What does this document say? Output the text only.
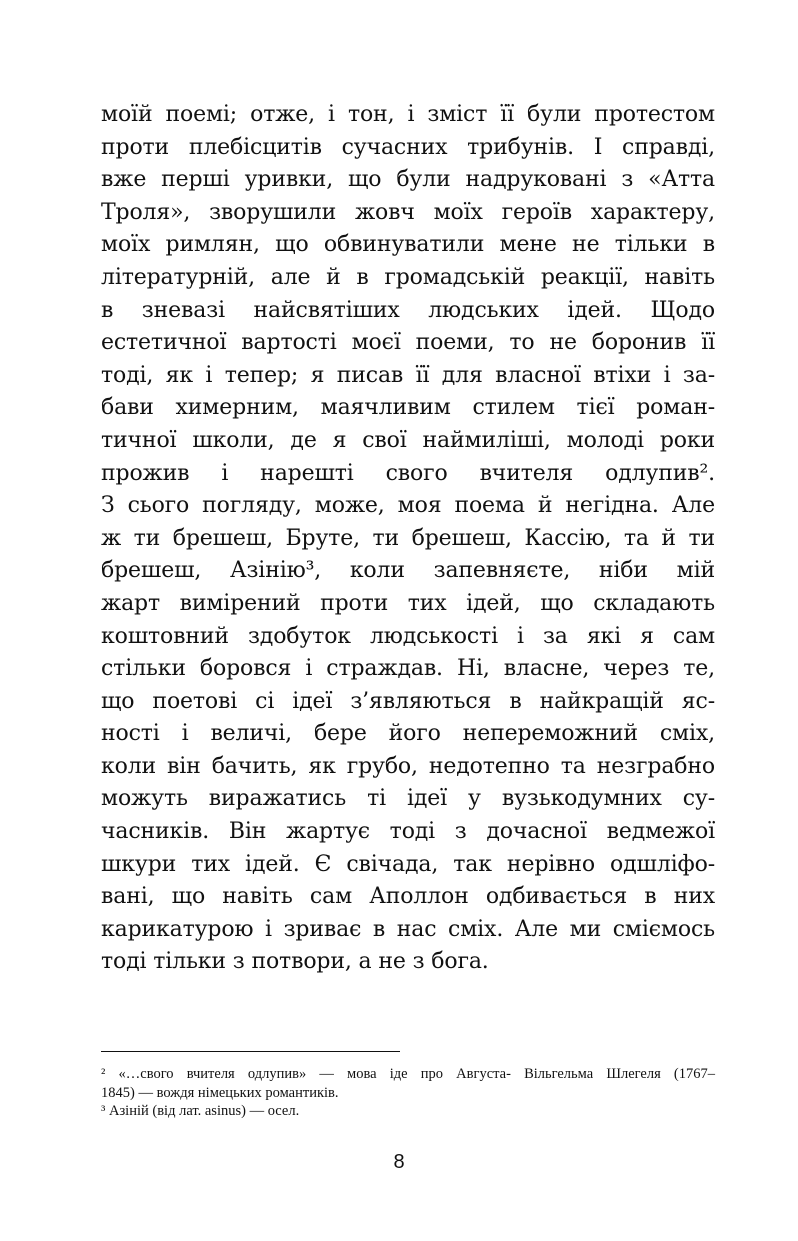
моїй поемі; отже, і тон, і зміст її були протестом
проти плебісцитів сучасних трибунів. І справді,
вже перші уривки, що були надруковані з «Атта
Троля», зворушили жовч моїх героїв характеру,
моїх римлян, що обвинуватили мене не тільки в
літературній, але й в громадській реакції, навіть
в зневазі найсвятіших людських ідей. Щодо
естетичної вартості моєї поеми, то не боронив її
тоді, як і тепер; я писав її для власної втіхи і за-
бави химерним, маячливим стилем тієї роман-
тичної школи, де я свої наймиліші, молоді роки
прожив і нарешті свого вчителя одлупив².
З сього погляду, може, моя поема й негідна. Але
ж ти брешеш, Бруте, ти брешеш, Кассію, та й ти
брешеш, Азінію³, коли запевняєте, ніби мій
жарт вимірений проти тих ідей, що складають
коштовний здобуток людськості і за які я сам
стільки боровся і страждав. Ні, власне, через те,
що поетові сі ідеї з’являються в найкращій яс-
ності і величі, бере його непереможний сміх,
коли він бачить, як грубо, недотепно та незграбно
можуть виражатись ті ідеї у вузькодумних су-
часників. Він жартує тоді з дочасної ведмежої
шкури тих ідей. Є свічада, так нерівно одшліфо-
вані, що навіть сам Аполлон одбивається в них
карикатурою і зриває в нас сміх. Але ми сміємось
тоді тільки з потвори, а не з бога.
² «…свого вчителя одлупив» — мова іде про Августа- Вільгельма Шлегеля (1767–
1845) — вождя німецьких романтиків.
³ Азіній (від лат. asinus) — осел.
8
